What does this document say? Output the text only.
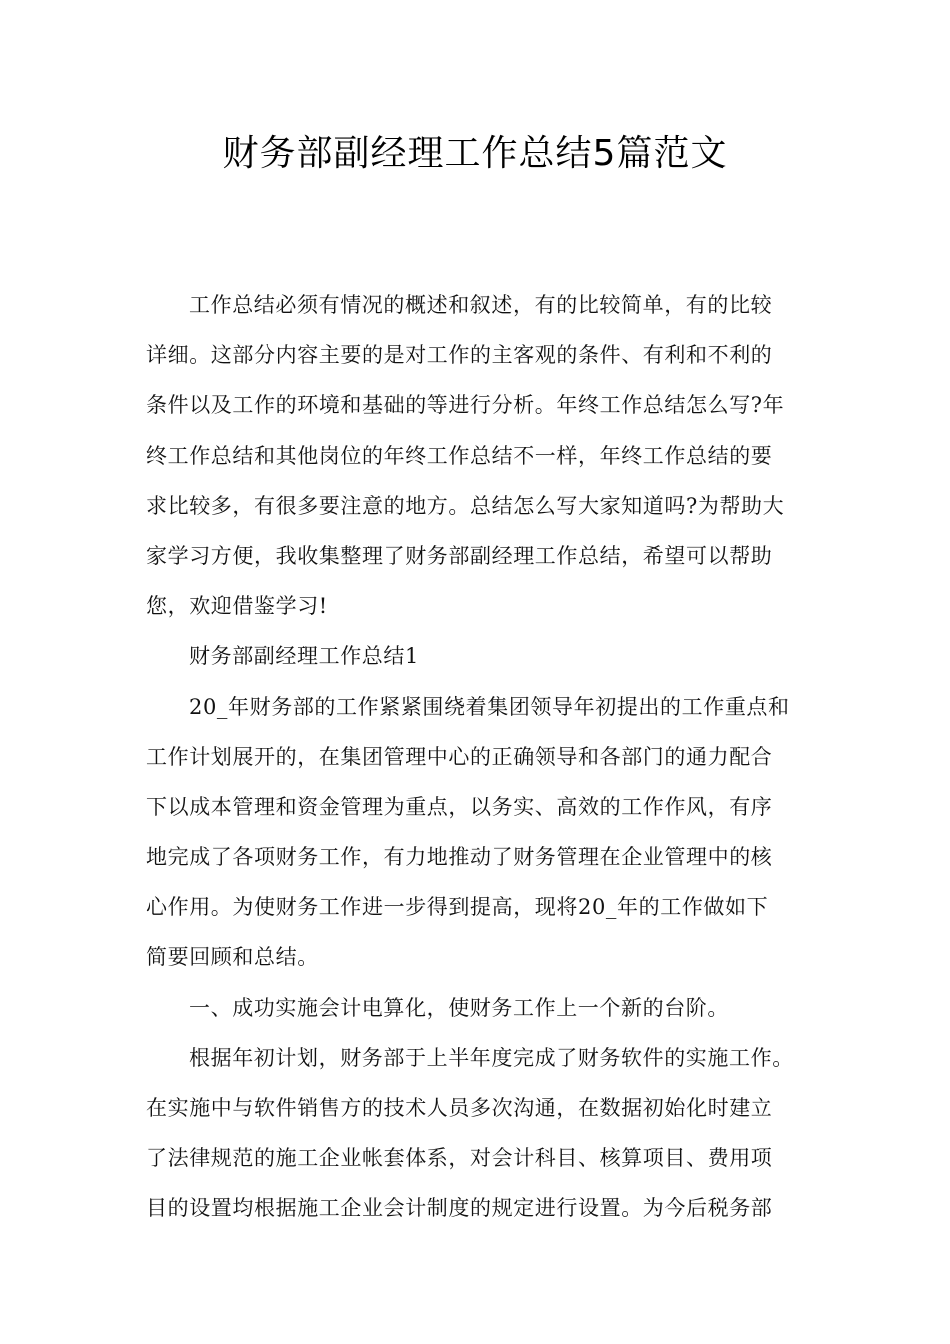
财务部副经理工作总结5篇范文
工作总结必须有情况的概述和叙述，有的比较简单，有的比较
详细。这部分内容主要的是对工作的主客观的条件、有利和不利的
条件以及工作的环境和基础的等进行分析。年终工作总结怎么写?年
终工作总结和其他岗位的年终工作总结不一样，年终工作总结的要
求比较多，有很多要注意的地方。总结怎么写大家知道吗?为帮助大
家学习方便，我收集整理了财务部副经理工作总结，希望可以帮助
您，欢迎借鉴学习!
财务部副经理工作总结1
20_年财务部的工作紧紧围绕着集团领导年初提出的工作重点和
工作计划展开的，在集团管理中心的正确领导和各部门的通力配合
下以成本管理和资金管理为重点，以务实、高效的工作作风，有序
地完成了各项财务工作，有力地推动了财务管理在企业管理中的核
心作用。为使财务工作进一步得到提高，现将20_年的工作做如下
简要回顾和总结。
一、成功实施会计电算化，使财务工作上一个新的台阶。
根据年初计划，财务部于上半年度完成了财务软件的实施工作。
在实施中与软件销售方的技术人员多次沟通，在数据初始化时建立
了法律规范的施工企业帐套体系，对会计科目、核算项目、费用项
目的设置均根据施工企业会计制度的规定进行设置。为今后税务部
